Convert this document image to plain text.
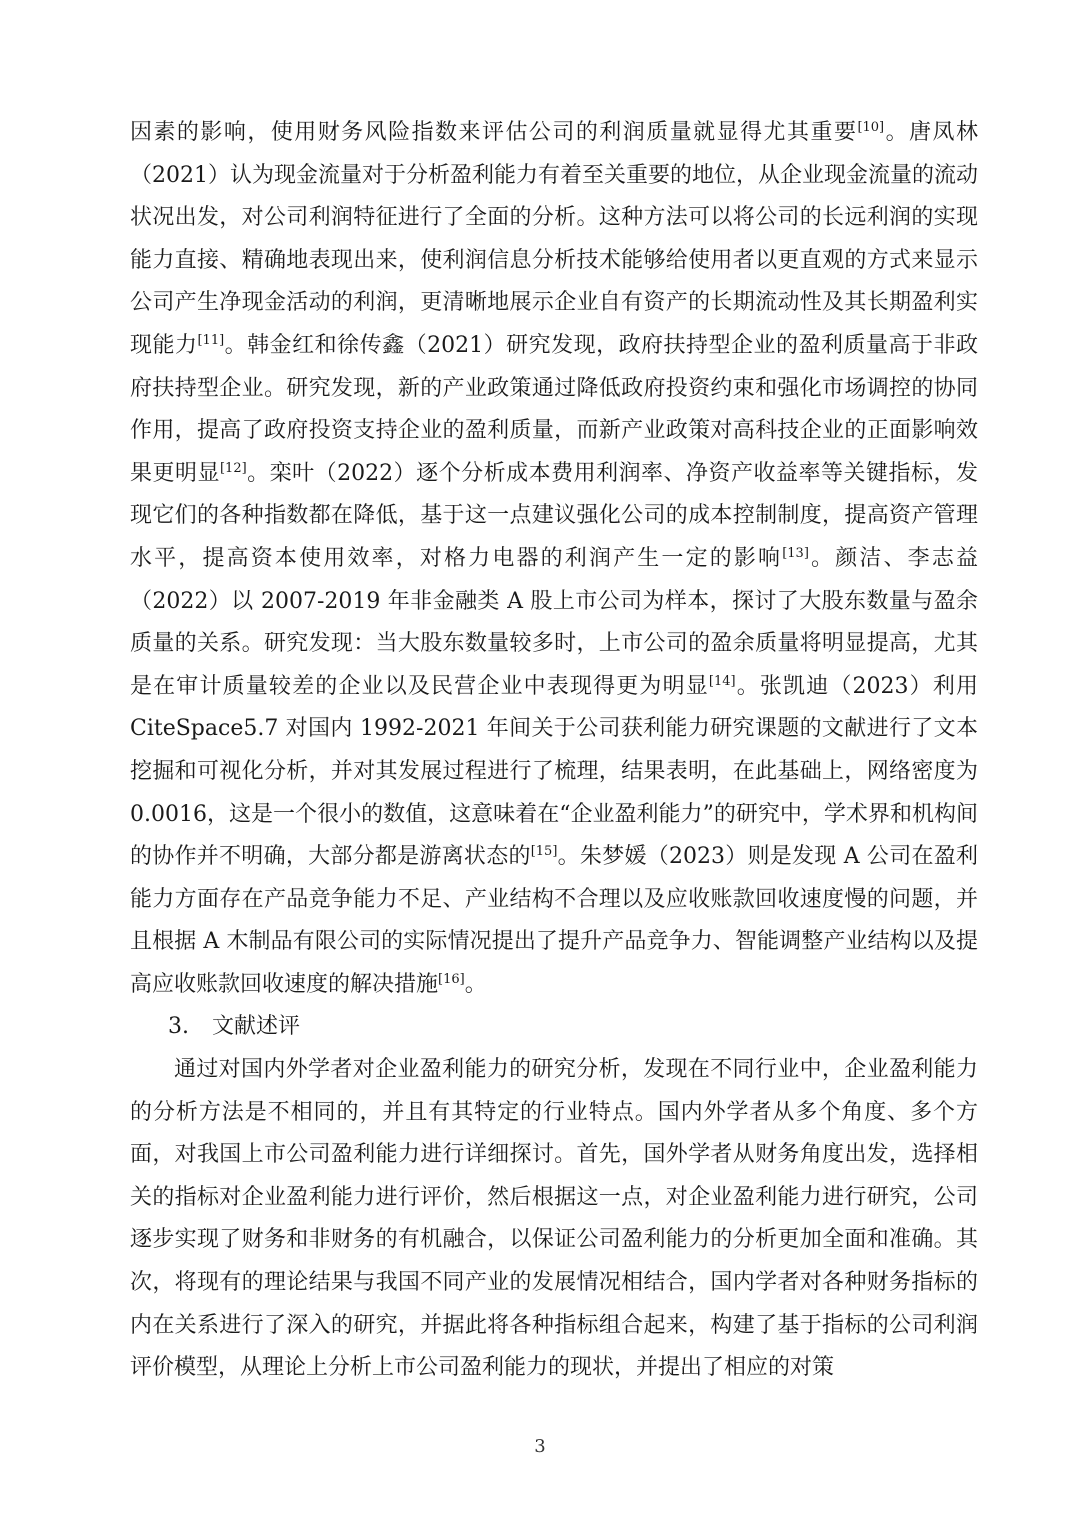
因素的影响，使用财务风险指数来评估公司的利润质量就显得尤其重要[10]。唐凤林（2021）认为现金流量对于分析盈利能力有着至关重要的地位，从企业现金流量的流动状况出发，对公司利润特征进行了全面的分析。这种方法可以将公司的长远利润的实现能力直接、精确地表现出来，使利润信息分析技术能够给使用者以更直观的方式来显示公司产生净现金活动的利润，更清晰地展示企业自有资产的长期流动性及其长期盈利实现能力[11]。韩金红和徐传鑫（2021）研究发现，政府扶持型企业的盈利质量高于非政府扶持型企业。研究发现，新的产业政策通过降低政府投资约束和强化市场调控的协同作用，提高了政府投资支持企业的盈利质量，而新产业政策对高科技企业的正面影响效果更明显[12]。栾叶（2022）逐个分析成本费用利润率、净资产收益率等关键指标，发现它们的各种指数都在降低，基于这一点建议强化公司的成本控制制度，提高资产管理水平，提高资本使用效率，对格力电器的利润产生一定的影响[13]。颜洁、李志益（2022）以 2007-2019 年非金融类 A 股上市公司为样本，探讨了大股东数量与盈余质量的关系。研究发现：当大股东数量较多时，上市公司的盈余质量将明显提高，尤其是在审计质量较差的企业以及民营企业中表现得更为明显[14]。张凯迪（2023）利用 CiteSpace5.7 对国内 1992-2021 年间关于公司获利能力研究课题的文献进行了文本挖掘和可视化分析，并对其发展过程进行了梳理，结果表明，在此基础上，网络密度为 0.0016，这是一个很小的数值，这意味着在“企业盈利能力”的研究中，学术界和机构间的协作并不明确，大部分都是游离状态的[15]。朱梦媛（2023）则是发现 A 公司在盈利能力方面存在产品竞争能力不足、产业结构不合理以及应收账款回收速度慢的问题，并且根据 A 木制品有限公司的实际情况提出了提升产品竞争力、智能调整产业结构以及提高应收账款回收速度的解决措施[16]。

3. 文献述评

通过对国内外学者对企业盈利能力的研究分析，发现在不同行业中，企业盈利能力的分析方法是不相同的，并且有其特定的行业特点。国内外学者从多个角度、多个方面，对我国上市公司盈利能力进行详细探讨。首先，国外学者从财务角度出发，选择相关的指标对企业盈利能力进行评价，然后根据这一点，对企业盈利能力进行研究，公司逐步实现了财务和非财务的有机融合，以保证公司盈利能力的分析更加全面和准确。其次，将现有的理论结果与我国不同产业的发展情况相结合，国内学者对各种财务指标的内在关系进行了深入的研究，并据此将各种指标组合起来，构建了基于指标的公司利润评价模型，从理论上分析上市公司盈利能力的现状，并提出了相应的对策

3
